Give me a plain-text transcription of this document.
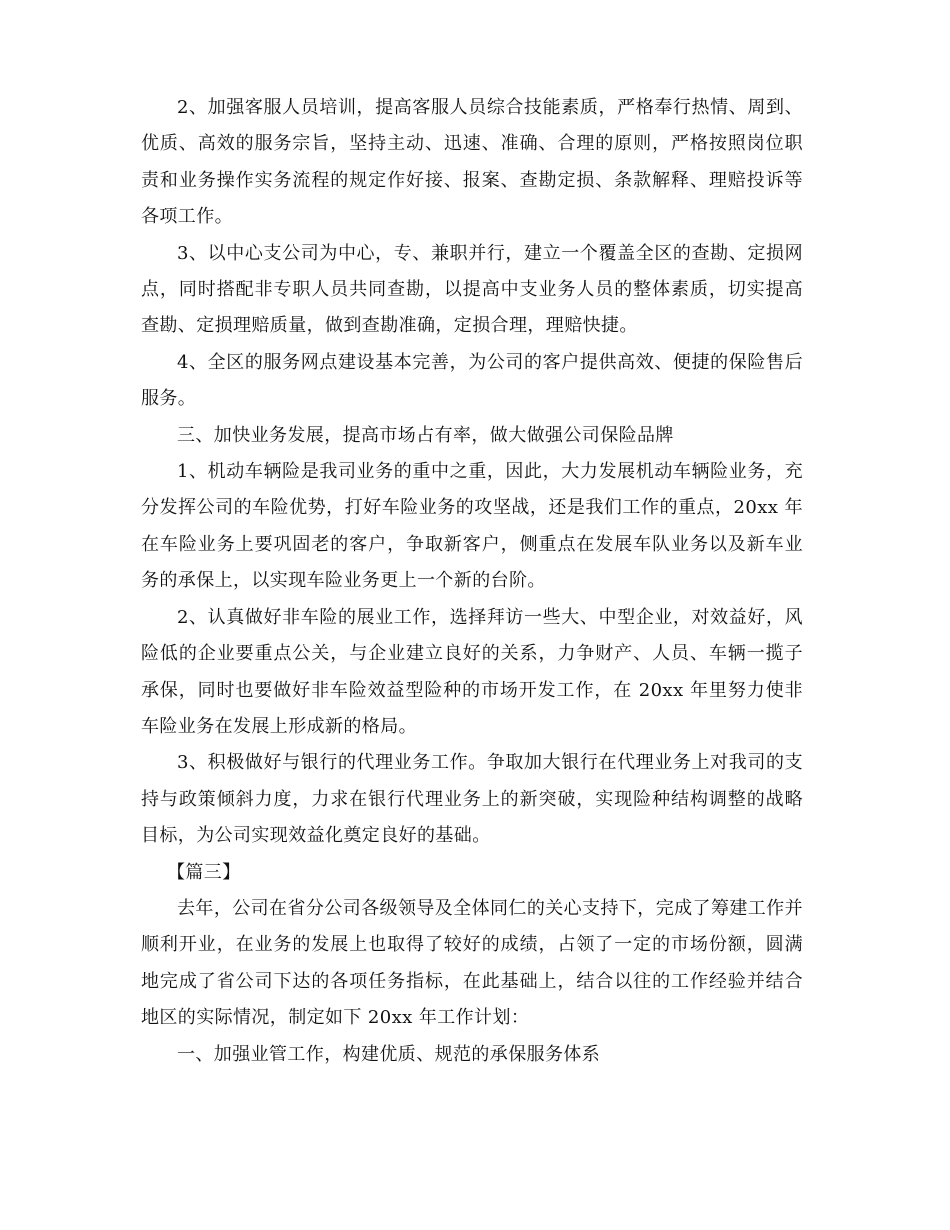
2、加强客服人员培训，提高客服人员综合技能素质，严格奉行热情、周到、优质、高效的服务宗旨，坚持主动、迅速、准确、合理的原则，严格按照岗位职责和业务操作实务流程的规定作好接、报案、查勘定损、条款解释、理赔投诉等各项工作。

3、以中心支公司为中心，专、兼职并行，建立一个覆盖全区的查勘、定损网点，同时搭配非专职人员共同查勘，以提高中支业务人员的整体素质，切实提高查勘、定损理赔质量，做到查勘准确，定损合理，理赔快捷。

4、全区的服务网点建设基本完善，为公司的客户提供高效、便捷的保险售后服务。

三、加快业务发展，提高市场占有率，做大做强公司保险品牌

1、机动车辆险是我司业务的重中之重，因此，大力发展机动车辆险业务，充分发挥公司的车险优势，打好车险业务的攻坚战，还是我们工作的重点，20xx 年在车险业务上要巩固老的客户，争取新客户，侧重点在发展车队业务以及新车业务的承保上，以实现车险业务更上一个新的台阶。

2、认真做好非车险的展业工作，选择拜访一些大、中型企业，对效益好，风险低的企业要重点公关，与企业建立良好的关系，力争财产、人员、车辆一揽子承保，同时也要做好非车险效益型险种的市场开发工作，在 20xx 年里努力使非车险业务在发展上形成新的格局。

3、积极做好与银行的代理业务工作。争取加大银行在代理业务上对我司的支持与政策倾斜力度，力求在银行代理业务上的新突破，实现险种结构调整的战略目标，为公司实现效益化奠定良好的基础。

【篇三】

去年，公司在省分公司各级领导及全体同仁的关心支持下，完成了筹建工作并顺利开业，在业务的发展上也取得了较好的成绩，占领了一定的市场份额，圆满地完成了省公司下达的各项任务指标，在此基础上，结合以往的工作经验并结合地区的实际情况，制定如下 20xx 年工作计划：

一、加强业管工作，构建优质、规范的承保服务体系
